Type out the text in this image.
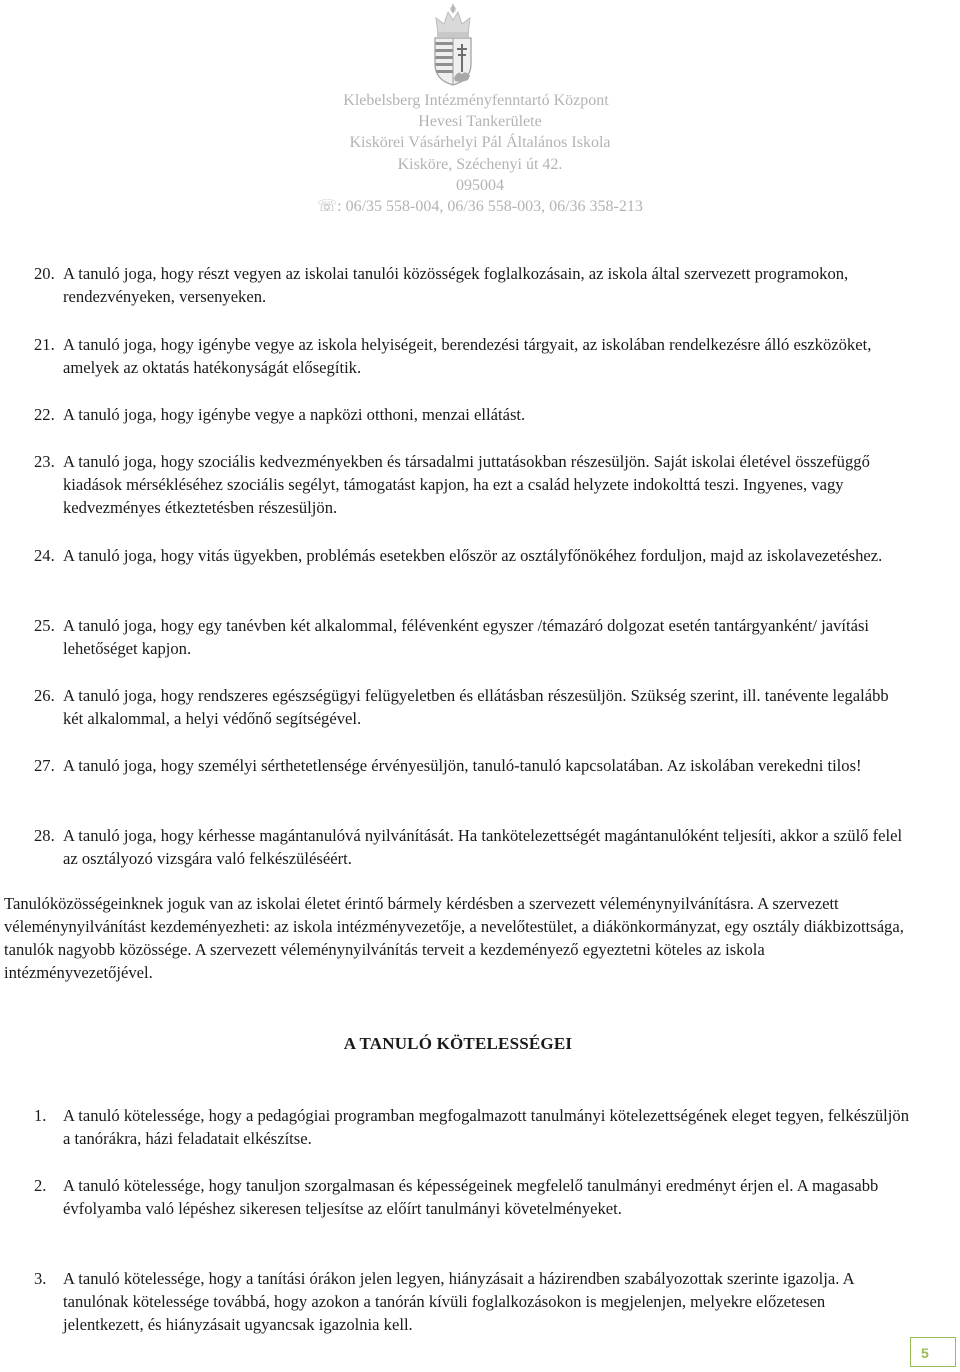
Klebelsberg Intézményfenntartó Központ
Hevesi Tankerülete
Kiskörei Vásárhelyi Pál Általános Iskola
Kisköre, Széchenyi út 42.
095004
☏: 06/35 558-004, 06/36 558-003, 06/36 358-213
20. A tanuló joga, hogy részt vegyen az iskolai tanulói közösségek foglalkozásain, az iskola által szervezett programokon, rendezvényeken, versenyeken.
21. A tanuló joga, hogy igénybe vegye az iskola helyiségeit, berendezési tárgyait, az iskolában rendelkezésre álló eszközöket, amelyek az oktatás hatékonyságát elősegítik.
22. A tanuló joga, hogy igénybe vegye a napközi otthoni, menzai ellátást.
23. A tanuló joga, hogy szociális kedvezményekben és társadalmi juttatásokban részesüljön. Saját iskolai életével összefüggő kiadások mérsékléséhez szociális segélyt, támogatást kapjon, ha ezt a család helyzete indokolttá teszi. Ingyenes, vagy kedvezményes étkeztetésben részesüljön.
24. A tanuló joga, hogy vitás ügyekben, problémás esetekben először az osztályfőnökéhez forduljon, majd az iskolavezetéshez.
25. A tanuló joga, hogy egy tanévben két alkalommal, félévenként egyszer /témazáró dolgozat esetén tantárgyanként/ javítási lehetőséget kapjon.
26. A tanuló joga, hogy rendszeres egészségügyi felügyeletben és ellátásban részesüljön. Szükség szerint, ill. tanévente legalább két alkalommal, a helyi védőnő segítségével.
27. A tanuló joga, hogy személyi sérthetetlensége érvényesüljön, tanuló-tanuló kapcsolatában. Az iskolában verekedni tilos!
28. A tanuló joga, hogy kérhesse magántanulóvá nyilvánítását. Ha tankötelezettségét magántanulóként teljesíti, akkor a szülő felel az osztályozó vizsgára való felkészüléséért.
Tanulóközösségeinknek joguk van az iskolai életet érintő bármely kérdésben a szervezett véleménynyilvánításra. A szervezett véleménynyilvánítást kezdeményezheti: az iskola intézményvezetője, a nevelőtestület, a diákönkormányzat, egy osztály diákbizottsága, tanulók nagyobb közössége. A szervezett véleménynyilvánítás terveit a kezdeményező egyeztetni köteles az iskola intézményvezetőjével.
A TANULÓ KÖTELESSÉGEI
1. A tanuló kötelessége, hogy a pedagógiai programban megfogalmazott tanulmányi kötelezettségének eleget tegyen, felkészüljön a tanórákra, házi feladatait elkészítse.
2. A tanuló kötelessége, hogy tanuljon szorgalmasan és képességeinek megfelelő tanulmányi eredményt érjen el. A magasabb évfolyamba való lépéshez sikeresen teljesítse az előírt tanulmányi követelményeket.
3. A tanuló kötelessége, hogy a tanítási órákon jelen legyen, hiányzásait a házirendben szabályozottak szerinte igazolja. A tanulónak kötelessége továbbá, hogy azokon a tanórán kívüli foglalkozásokon is megjelenjen, melyekre előzetesen jelentkezett, és hiányzásait ugyancsak igazolnia kell.
5
